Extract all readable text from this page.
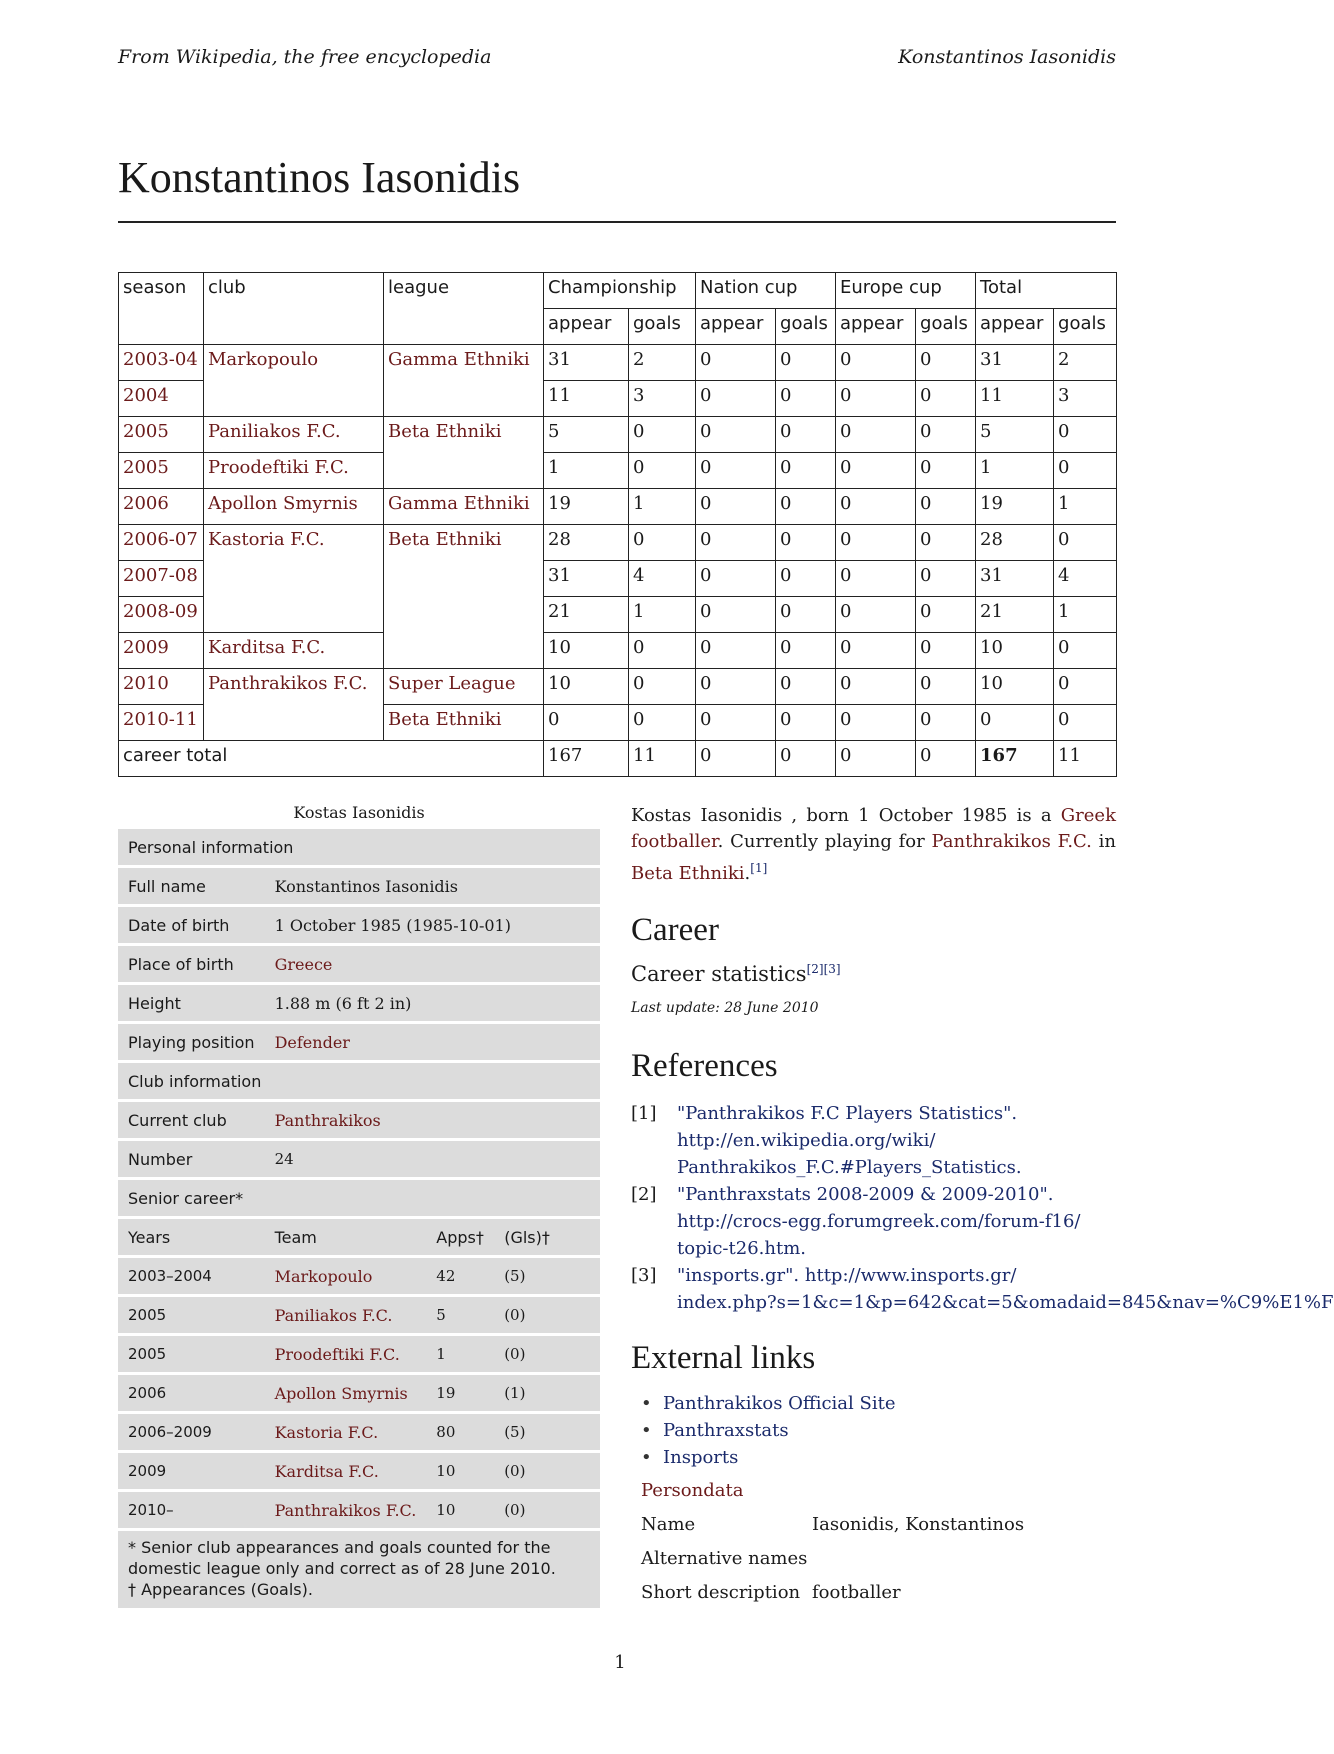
From Wikipedia, the free encyclopedia	Konstantinos Iasonidis
Konstantinos Iasonidis
season	club	league	Championship		Nation cup		Europe cup		Total	
			appear	goals	appear	goals	appear	goals	appear	goals
2003-04	Markopoulo	Gamma Ethniki	31	2	0	0	0	0	31	2
2004			11	3	0	0	0	0	11	3
2005	Paniliakos F.C.	Beta Ethniki	5	0	0	0	0	0	5	0
2005	Proodeftiki F.C.		1	0	0	0	0	0	1	0
2006	Apollon Smyrnis	Gamma Ethniki	19	1	0	0	0	0	19	1
2006-07	Kastoria F.C.	Beta Ethniki	28	0	0	0	0	0	28	0
2007-08			31	4	0	0	0	0	31	4
2008-09			21	1	0	0	0	0	21	1
2009	Karditsa F.C.		10	0	0	0	0	0	10	0
2010	Panthrakikos F.C.	Super League	10	0	0	0	0	0	10	0
2010-11		Beta Ethniki	0	0	0	0	0	0	0	0
career total			167	11	0	0	0	0	167	11
Kostas Iasonidis
Personal information			
Full name	Konstantinos Iasonidis		
Date of birth	1 October 1985 (1985-10-01)		
Place of birth	Greece		
Height	1.88 m (6 ft 2 in)		
Playing position	Defender		
Club information			
Current club	Panthrakikos		
Number	24		
Senior career*			
Years	Team	Apps†	(Gls)†
2003–2004	Markopoulo	42	(5)
2005	Paniliakos F.C.	5	(0)
2005	Proodeftiki F.C.	1	(0)
2006	Apollon Smyrnis	19	(1)
2006–2009	Kastoria F.C.	80	(5)
2009	Karditsa F.C.	10	(0)
2010–	Panthrakikos F.C.	10	(0)

* Senior club appearances and goals counted for the domestic league only and correct as of 28 June 2010.
† Appearances (Goals).			
Kostas Iasonidis , born 1 October 1985 is a Greek footballer. Currently playing for Panthrakikos F.C. in Beta Ethniki.[1]
Career
Career statistics[2][3]
Last update: 28 June 2010
References
[1] "Panthrakikos F.C Players Statistics".
http://en.wikipedia.org/wiki/
Panthrakikos_F.C.#Players_Statistics.
[2] "Panthraxstats 2008-2009 & 2009-2010".
http://crocs-egg.forumgreek.com/forum-f16/
topic-t26.htm.
[3] "insports.gr". http://www.insports.gr/
index.php?s=1&c=1&p=642&cat=5&omadaid=845&nav=%C9%E1%F
External links
• Panthrakikos Official Site
• Panthraxstats
• Insports
Persondata
Name	Iasonidis, Konstantinos
Alternative names
Short description footballer
1
